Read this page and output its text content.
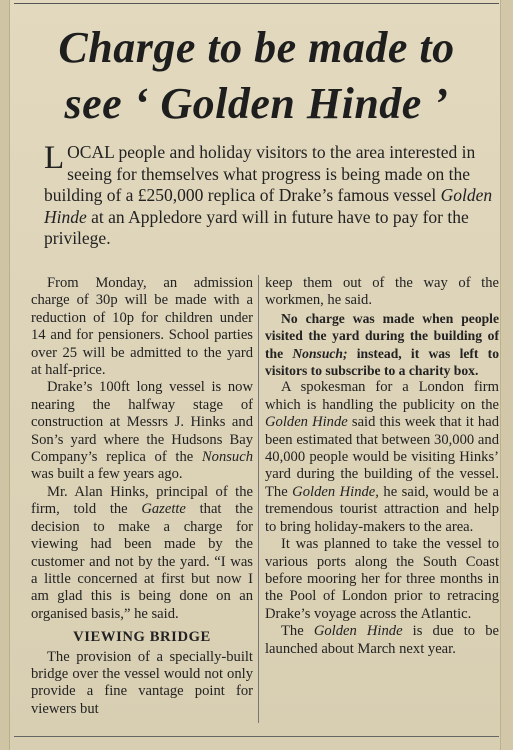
Charge to be made to
see ‘ Golden Hinde ’
LOCAL people and holiday visitors to the area interested in seeing for themselves what progress is being made on the building of a £250,000 replica of Drake’s famous vessel Golden Hinde at an Appledore yard will in future have to pay for the privilege.

From Monday, an admission charge of 30p will be made with a reduction of 10p for children under 14 and for pensioners. School parties over 25 will be admitted to the yard at half-price.

Drake’s 100ft long vessel is now nearing the halfway stage of construction at Messrs J. Hinks and Son’s yard where the Hudsons Bay Company’s replica of the Nonsuch was built a few years ago.

Mr. Alan Hinks, principal of the firm, told the Gazette that the decision to make a charge for viewing had been made by the customer and not by the yard. “I was a little concerned at first but now I am glad this is being done on an organised basis,” he said.

VIEWING BRIDGE

The provision of a specially-built bridge over the vessel would not only provide a fine vantage point for viewers but

keep them out of the way of the workmen, he said.

No charge was made when people visited the yard during the building of the Nonsuch; instead, it was left to visitors to subscribe to a charity box.

A spokesman for a London firm which is handling the publicity on the Golden Hinde said this week that it had been estimated that between 30,000 and 40,000 people would be visiting Hinks’ yard during the building of the vessel. The Golden Hinde, he said, would be a tremendous tourist attraction and help to bring holiday-makers to the area.

It was planned to take the vessel to various ports along the South Coast before mooring her for three months in the Pool of London prior to retracing Drake’s voyage across the Atlantic.

The Golden Hinde is due to be launched about March next year.
